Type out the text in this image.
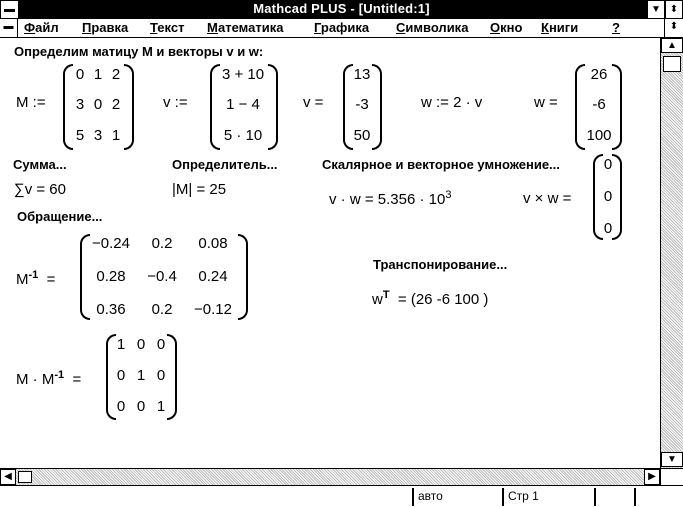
Mathcad PLUS - [Untitled:1]	▼ ⬍
▬ Файл Правка Текст Математика Графика Символика Окно Книги	?	⬍
Определим матицу М и векторы v и w:
M :=
0 1 2
3 0 2
5 3 1
v :=
3 + 10
1 − 4
5 · 10
v =
13
-3
50
w := 2 · v	w =
26
-6
100
Сумма...
∑v = 60
Определитель...
|M| = 25
Скалярное и векторное умножение...
$v \cdot w = 5.356 \cdot 10^3$	v × w =
0
0
0
Обращение...
$M^{-1}$ =
−0.24	0.2	0.08
0.28	−0.4	0.24
0.36	0.2	−0.12
Транспонирование...
$w^T = (26$ -6 100 )
$M \cdot M^{-1}$ =
1 0 0
0 1 0
0 0 1
▲
▼
◀	▶
авто	Стр 1
